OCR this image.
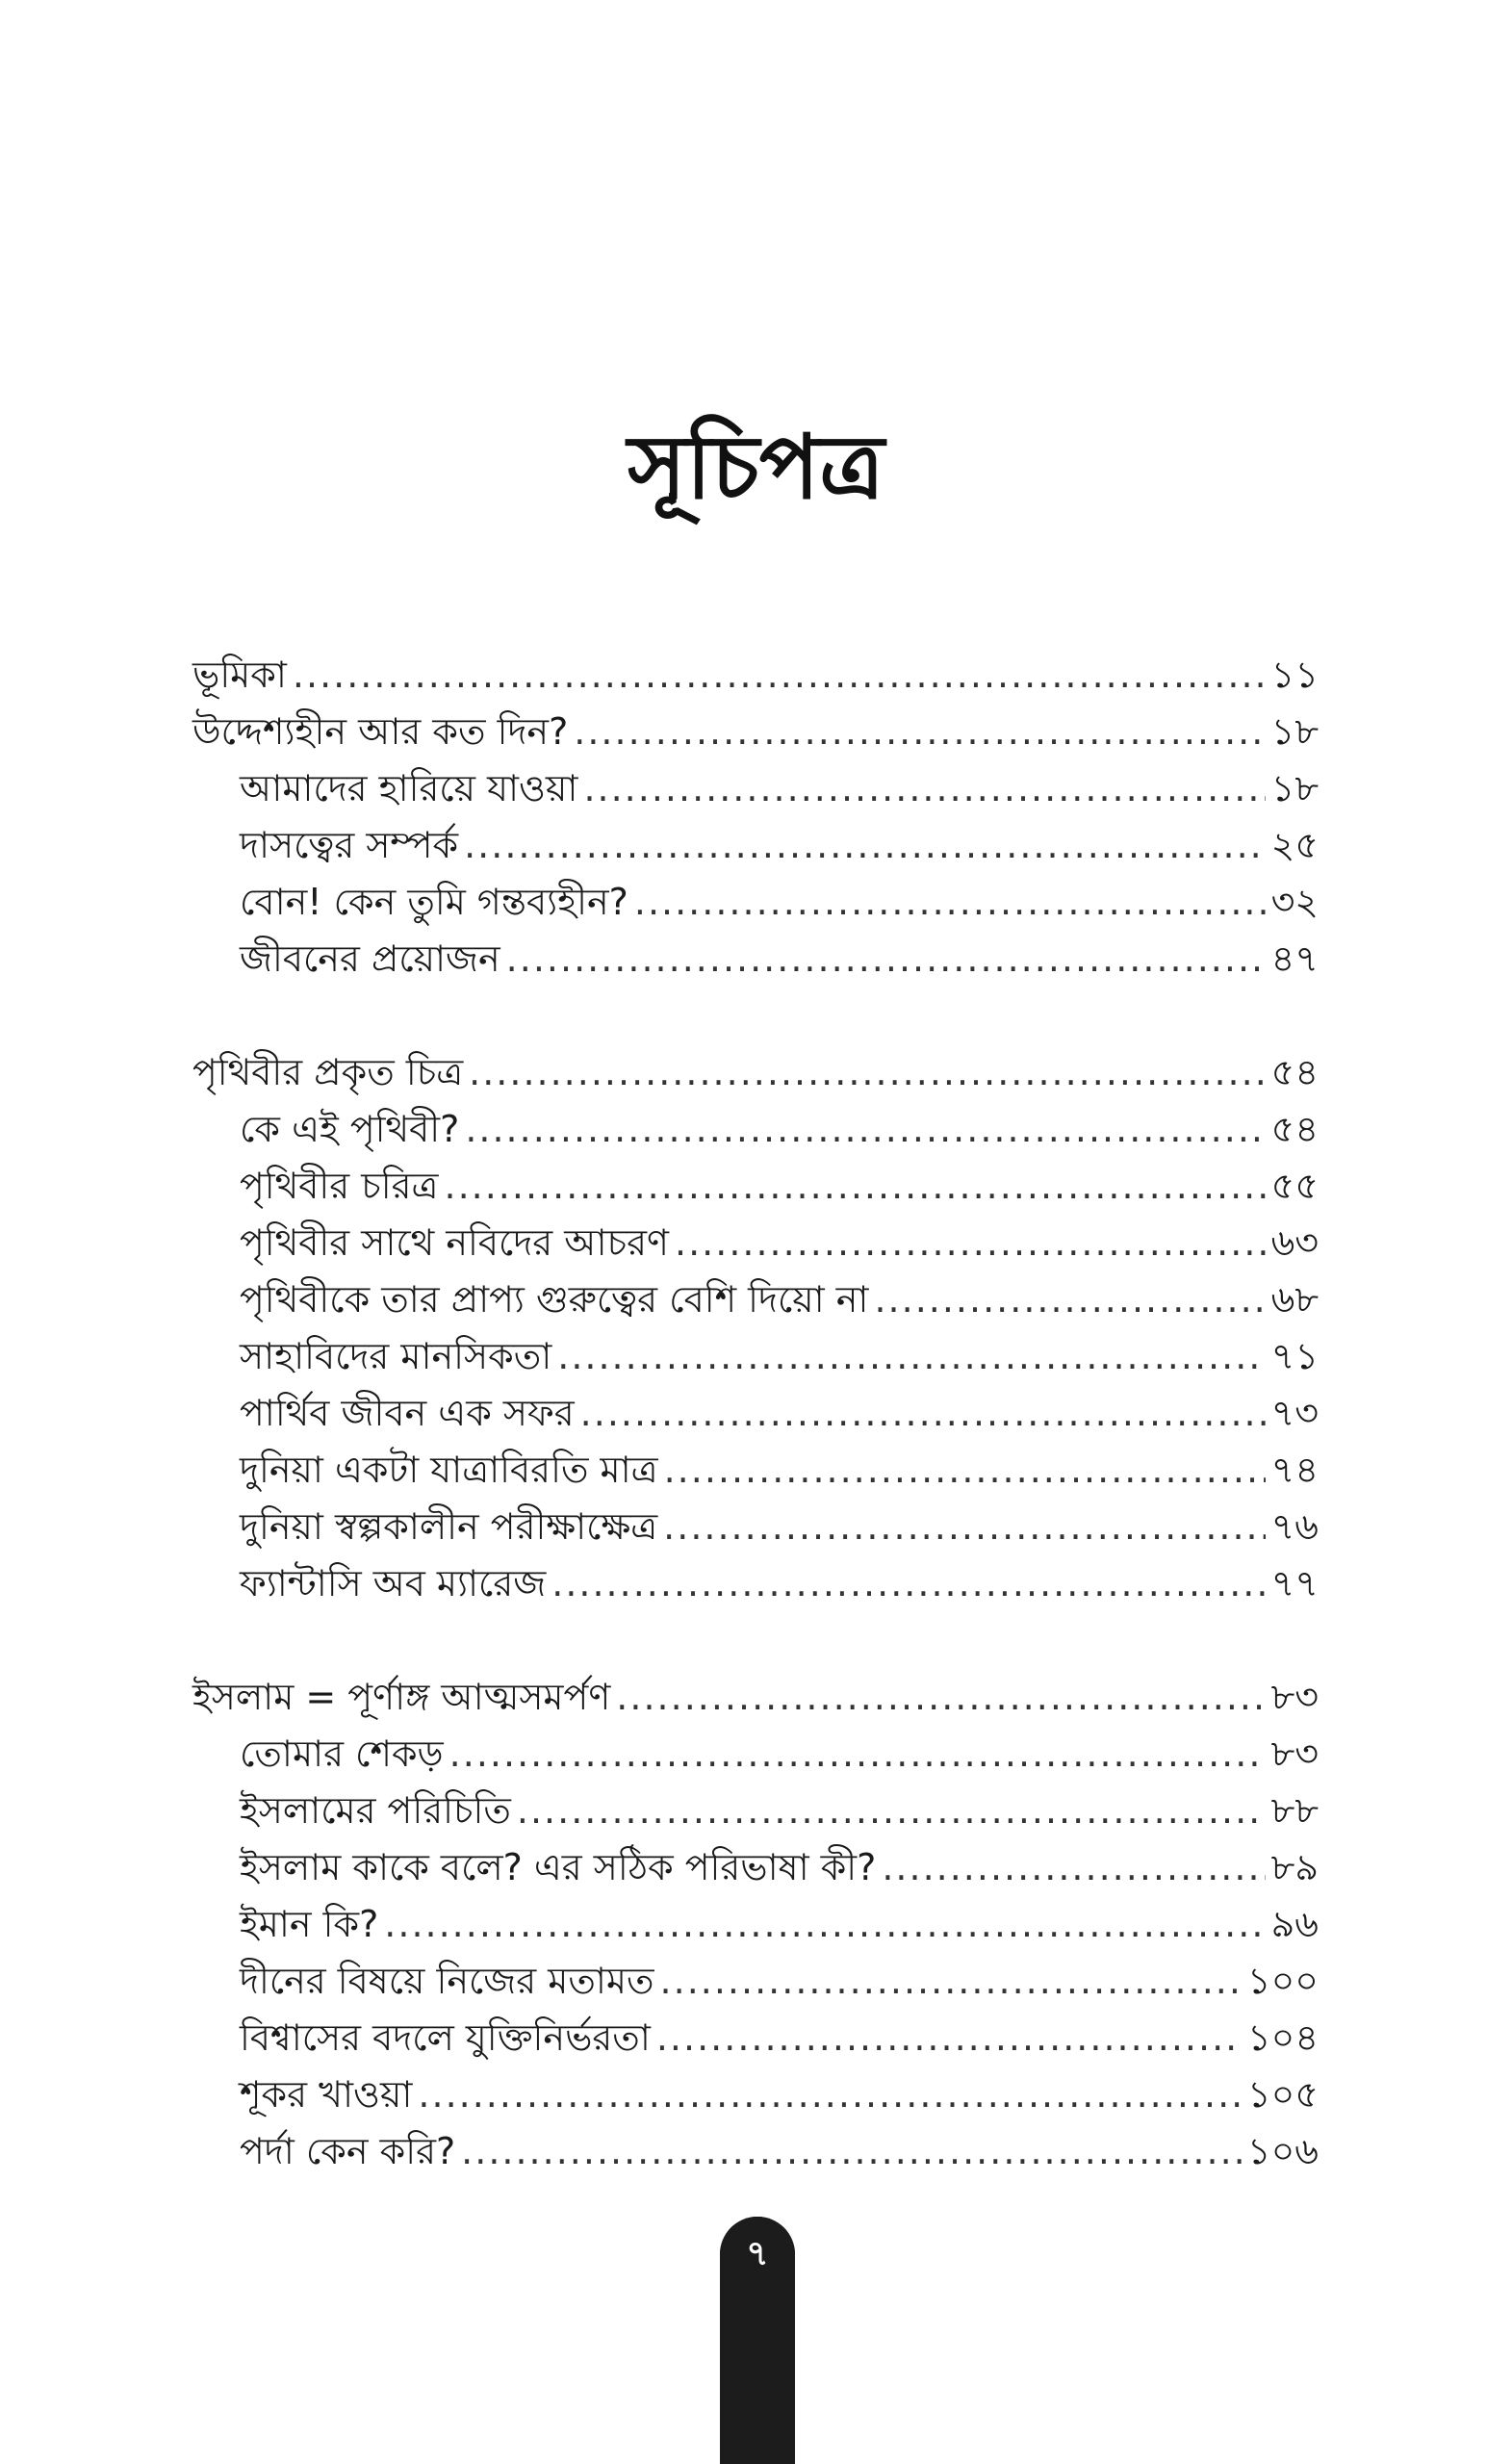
সূচিপত্র
ভূমিকা .....	১১
উদ্দেশ্যহীন আর কত দিন? .....	১৮
আমাদের হারিয়ে যাওয়া .....	১৮
দাসত্বের সম্পর্ক .....	২৫
বোন! কেন তুমি গন্তব্যহীন? .....	৩২
জীবনের প্রয়োজন .....	৪৭
পৃথিবীর প্রকৃত চিত্র .....	৫৪
কে এই পৃথিবী? .....	৫৪
পৃথিবীর চরিত্র .....	৫৫
পৃথিবীর সাথে নবিদের আচরণ .....	৬৩
পৃথিবীকে তার প্রাপ্য গুরুত্বের বেশি দিয়ো না .....	৬৮
সাহাবিদের মানসিকতা .....	৭১
পার্থিব জীবন এক সফর .....	৭৩
দুনিয়া একটা যাত্রাবিরতি মাত্র .....	৭৪
দুনিয়া স্বল্পকালীন পরীক্ষাক্ষেত্র .....	৭৬
ফ্যান্টাসি অব ম্যারেজ .....	৭৭
ইসলাম = পূর্ণাঙ্গ আত্মসমর্পণ .....	৮৩
তোমার শেকড় .....	৮৩
ইসলামের পরিচিতি .....	৮৮
ইসলাম কাকে বলে? এর সঠিক পরিভাষা কী? .....	৮৯
ইমান কি? .....	৯৬
দীনের বিষয়ে নিজের মতামত .....	১০০
বিশ্বাসের বদলে যুক্তিনির্ভরতা .....	১০৪
শূকর খাওয়া .....	১০৫
পর্দা কেন করি? .....	১০৬
৭
